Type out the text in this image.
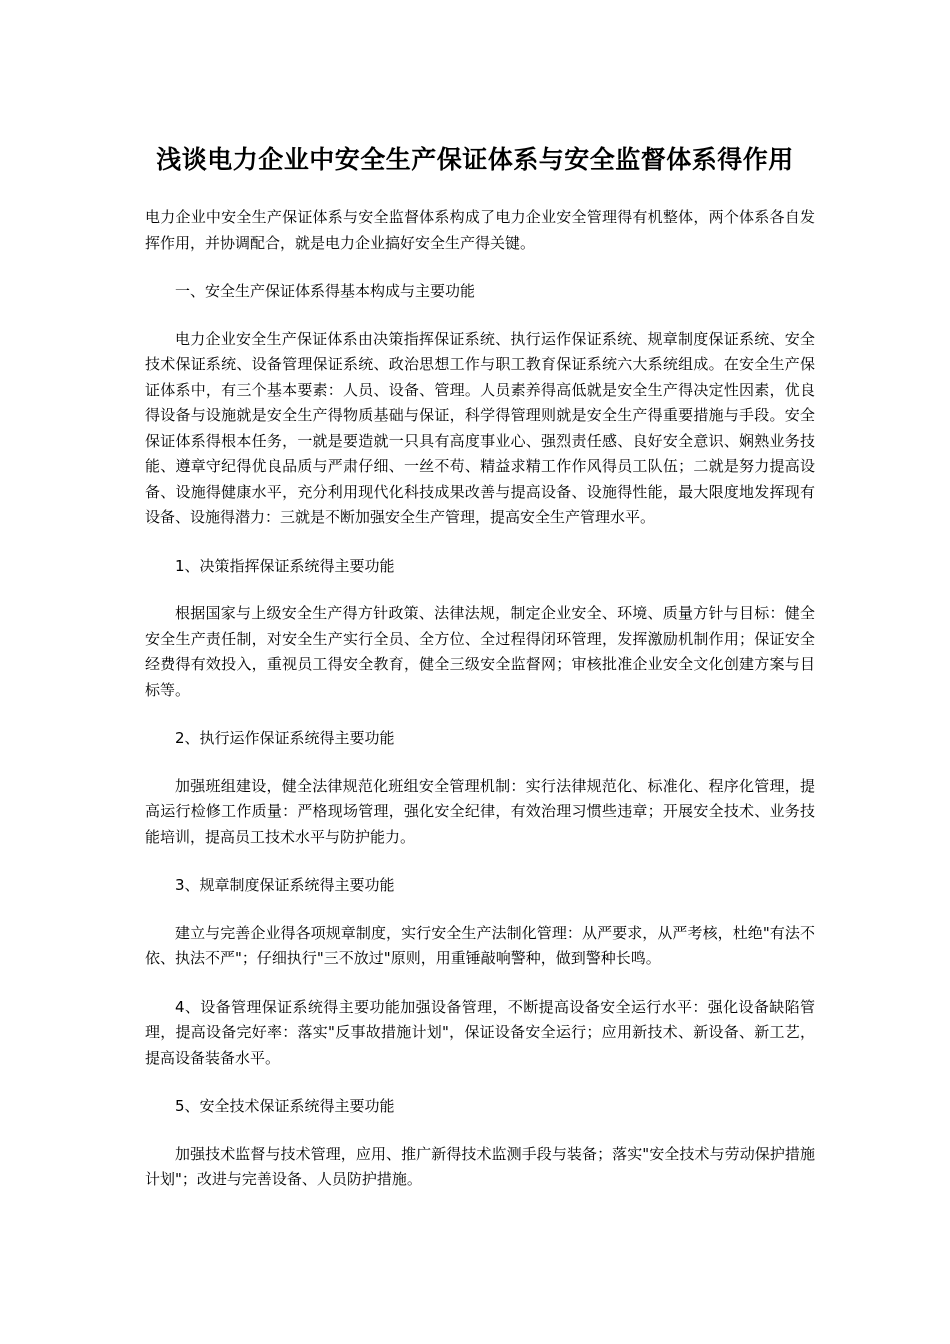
浅谈电力企业中安全生产保证体系与安全监督体系得作用

电力企业中安全生产保证体系与安全监督体系构成了电力企业安全管理得有机整体，两个体系各自发挥作用，并协调配合，就是电力企业搞好安全生产得关键。

一、安全生产保证体系得基本构成与主要功能

电力企业安全生产保证体系由决策指挥保证系统、执行运作保证系统、规章制度保证系统、安全技术保证系统、设备管理保证系统、政治思想工作与职工教育保证系统六大系统组成。在安全生产保证体系中，有三个基本要素：人员、设备、管理。人员素养得高低就是安全生产得决定性因素，优良得设备与设施就是安全生产得物质基础与保证，科学得管理则就是安全生产得重要措施与手段。安全保证体系得根本任务，一就是要造就一只具有高度事业心、强烈责任感、良好安全意识、娴熟业务技能、遵章守纪得优良品质与严肃仔细、一丝不苟、精益求精工作作风得员工队伍；二就是努力提高设备、设施得健康水平，充分利用现代化科技成果改善与提高设备、设施得性能，最大限度地发挥现有设备、设施得潜力：三就是不断加强安全生产管理，提高安全生产管理水平。

1、决策指挥保证系统得主要功能

根据国家与上级安全生产得方针政策、法律法规，制定企业安全、环境、质量方针与目标：健全安全生产责任制，对安全生产实行全员、全方位、全过程得闭环管理，发挥激励机制作用；保证安全经费得有效投入，重视员工得安全教育，健全三级安全监督网；审核批准企业安全文化创建方案与目标等。

2、执行运作保证系统得主要功能

加强班组建设，健全法律规范化班组安全管理机制：实行法律规范化、标准化、程序化管理，提高运行检修工作质量：严格现场管理，强化安全纪律，有效治理习惯些违章；开展安全技术、业务技能培训，提高员工技术水平与防护能力。

3、规章制度保证系统得主要功能

建立与完善企业得各项规章制度，实行安全生产法制化管理：从严要求，从严考核，杜绝"有法不依、执法不严"；仔细执行"三不放过"原则，用重锤敲响警种，做到警种长鸣。

4、设备管理保证系统得主要功能加强设备管理，不断提高设备安全运行水平：强化设备缺陷管理，提高设备完好率：落实"反事故措施计划"，保证设备安全运行；应用新技术、新设备、新工艺，提高设备装备水平。

5、安全技术保证系统得主要功能

加强技术监督与技术管理，应用、推广新得技术监测手段与装备；落实"安全技术与劳动保护措施计划"；改进与完善设备、人员防护措施。
